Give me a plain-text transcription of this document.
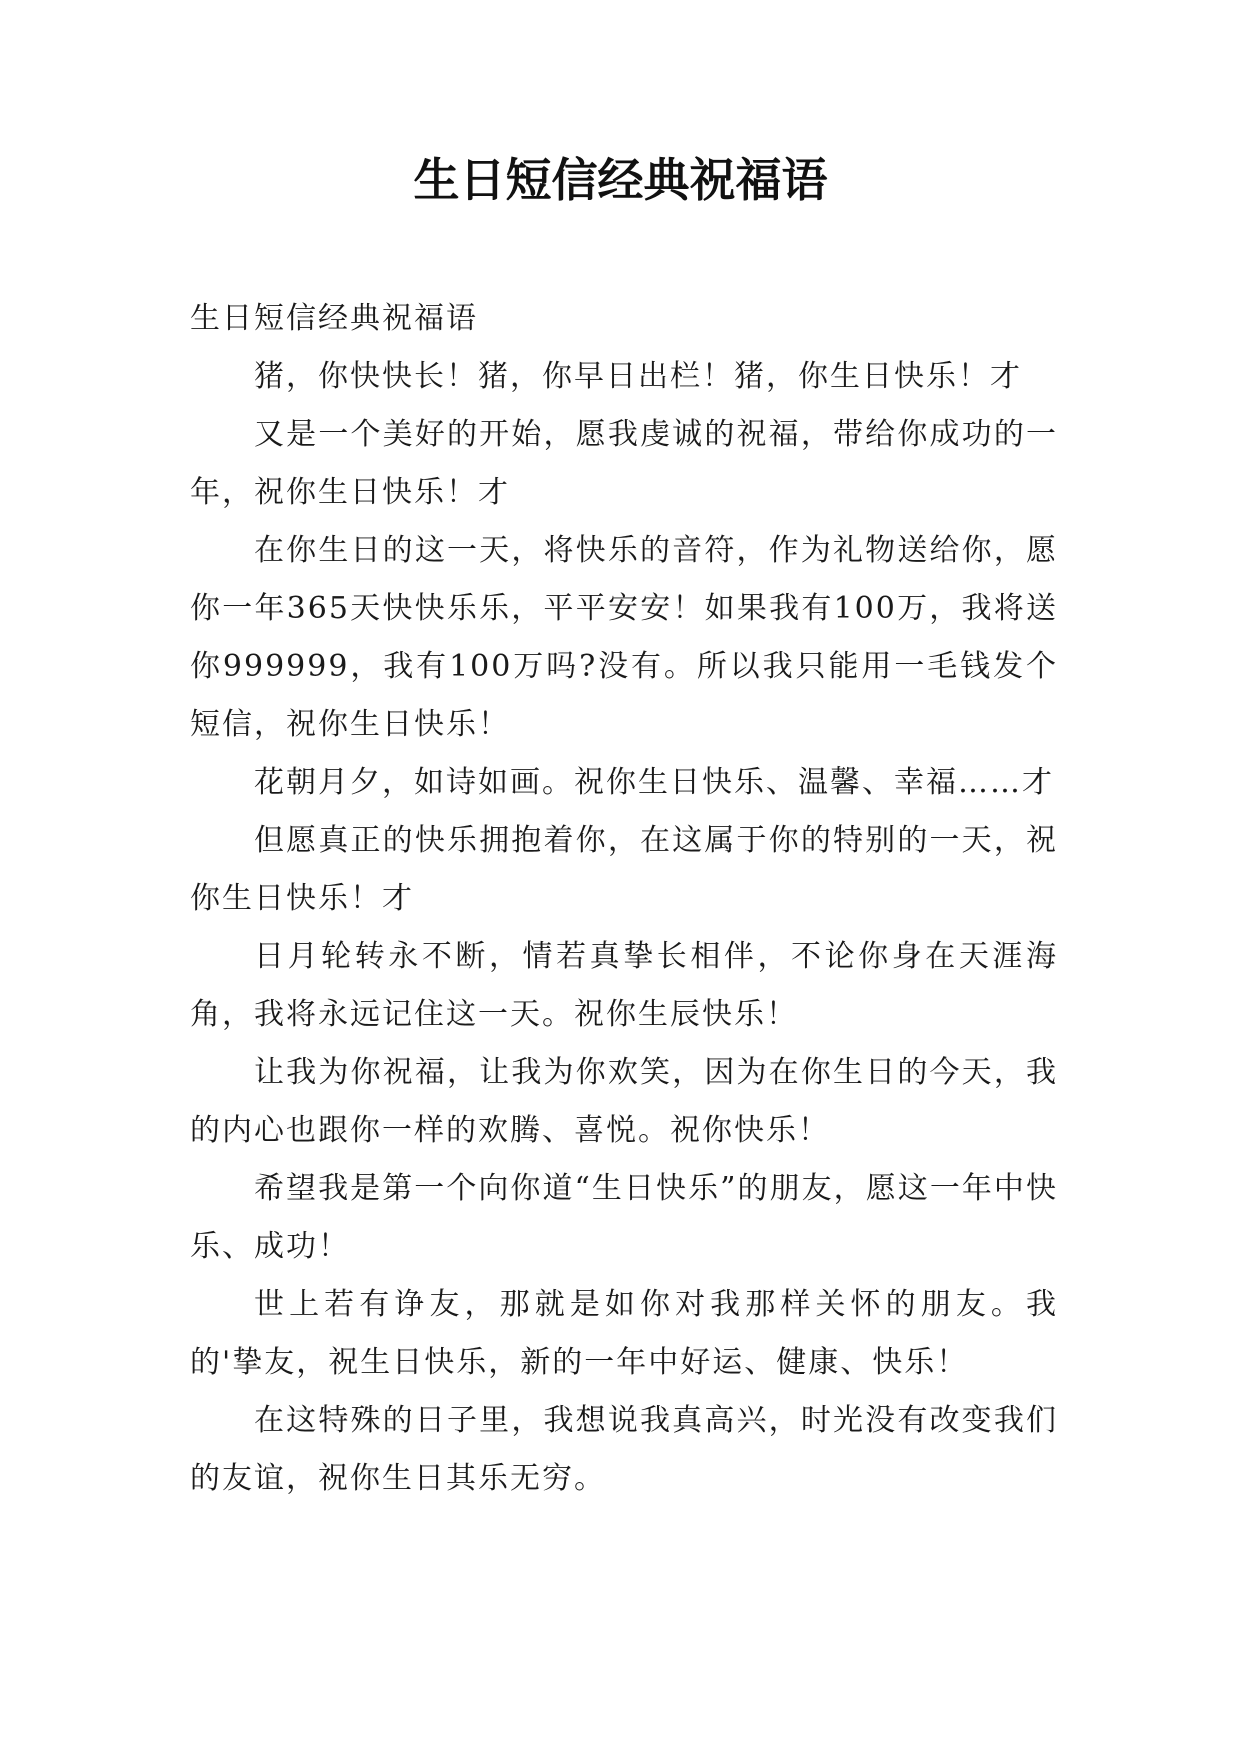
生日短信经典祝福语

生日短信经典祝福语

猪，你快快长！猪，你早日出栏！猪，你生日快乐！才

又是一个美好的开始，愿我虔诚的祝福，带给你成功的一年，祝你生日快乐！才

在你生日的这一天，将快乐的音符，作为礼物送给你，愿你一年365天快快乐乐，平平安安！如果我有100万，我将送你999999，我有100万吗?没有。所以我只能用一毛钱发个短信，祝你生日快乐！

花朝月夕，如诗如画。祝你生日快乐、温馨、幸福……才

但愿真正的快乐拥抱着你，在这属于你的特别的一天，祝你生日快乐！才

日月轮转永不断，情若真挚长相伴，不论你身在天涯海角，我将永远记住这一天。祝你生辰快乐！

让我为你祝福，让我为你欢笑，因为在你生日的今天，我的内心也跟你一样的欢腾、喜悦。祝你快乐！

希望我是第一个向你道“生日快乐”的朋友，愿这一年中快乐、成功！

世上若有诤友，那就是如你对我那样关怀的朋友。我的'挚友，祝生日快乐，新的一年中好运、健康、快乐！

在这特殊的日子里，我想说我真高兴，时光没有改变我们的友谊，祝你生日其乐无穷。
